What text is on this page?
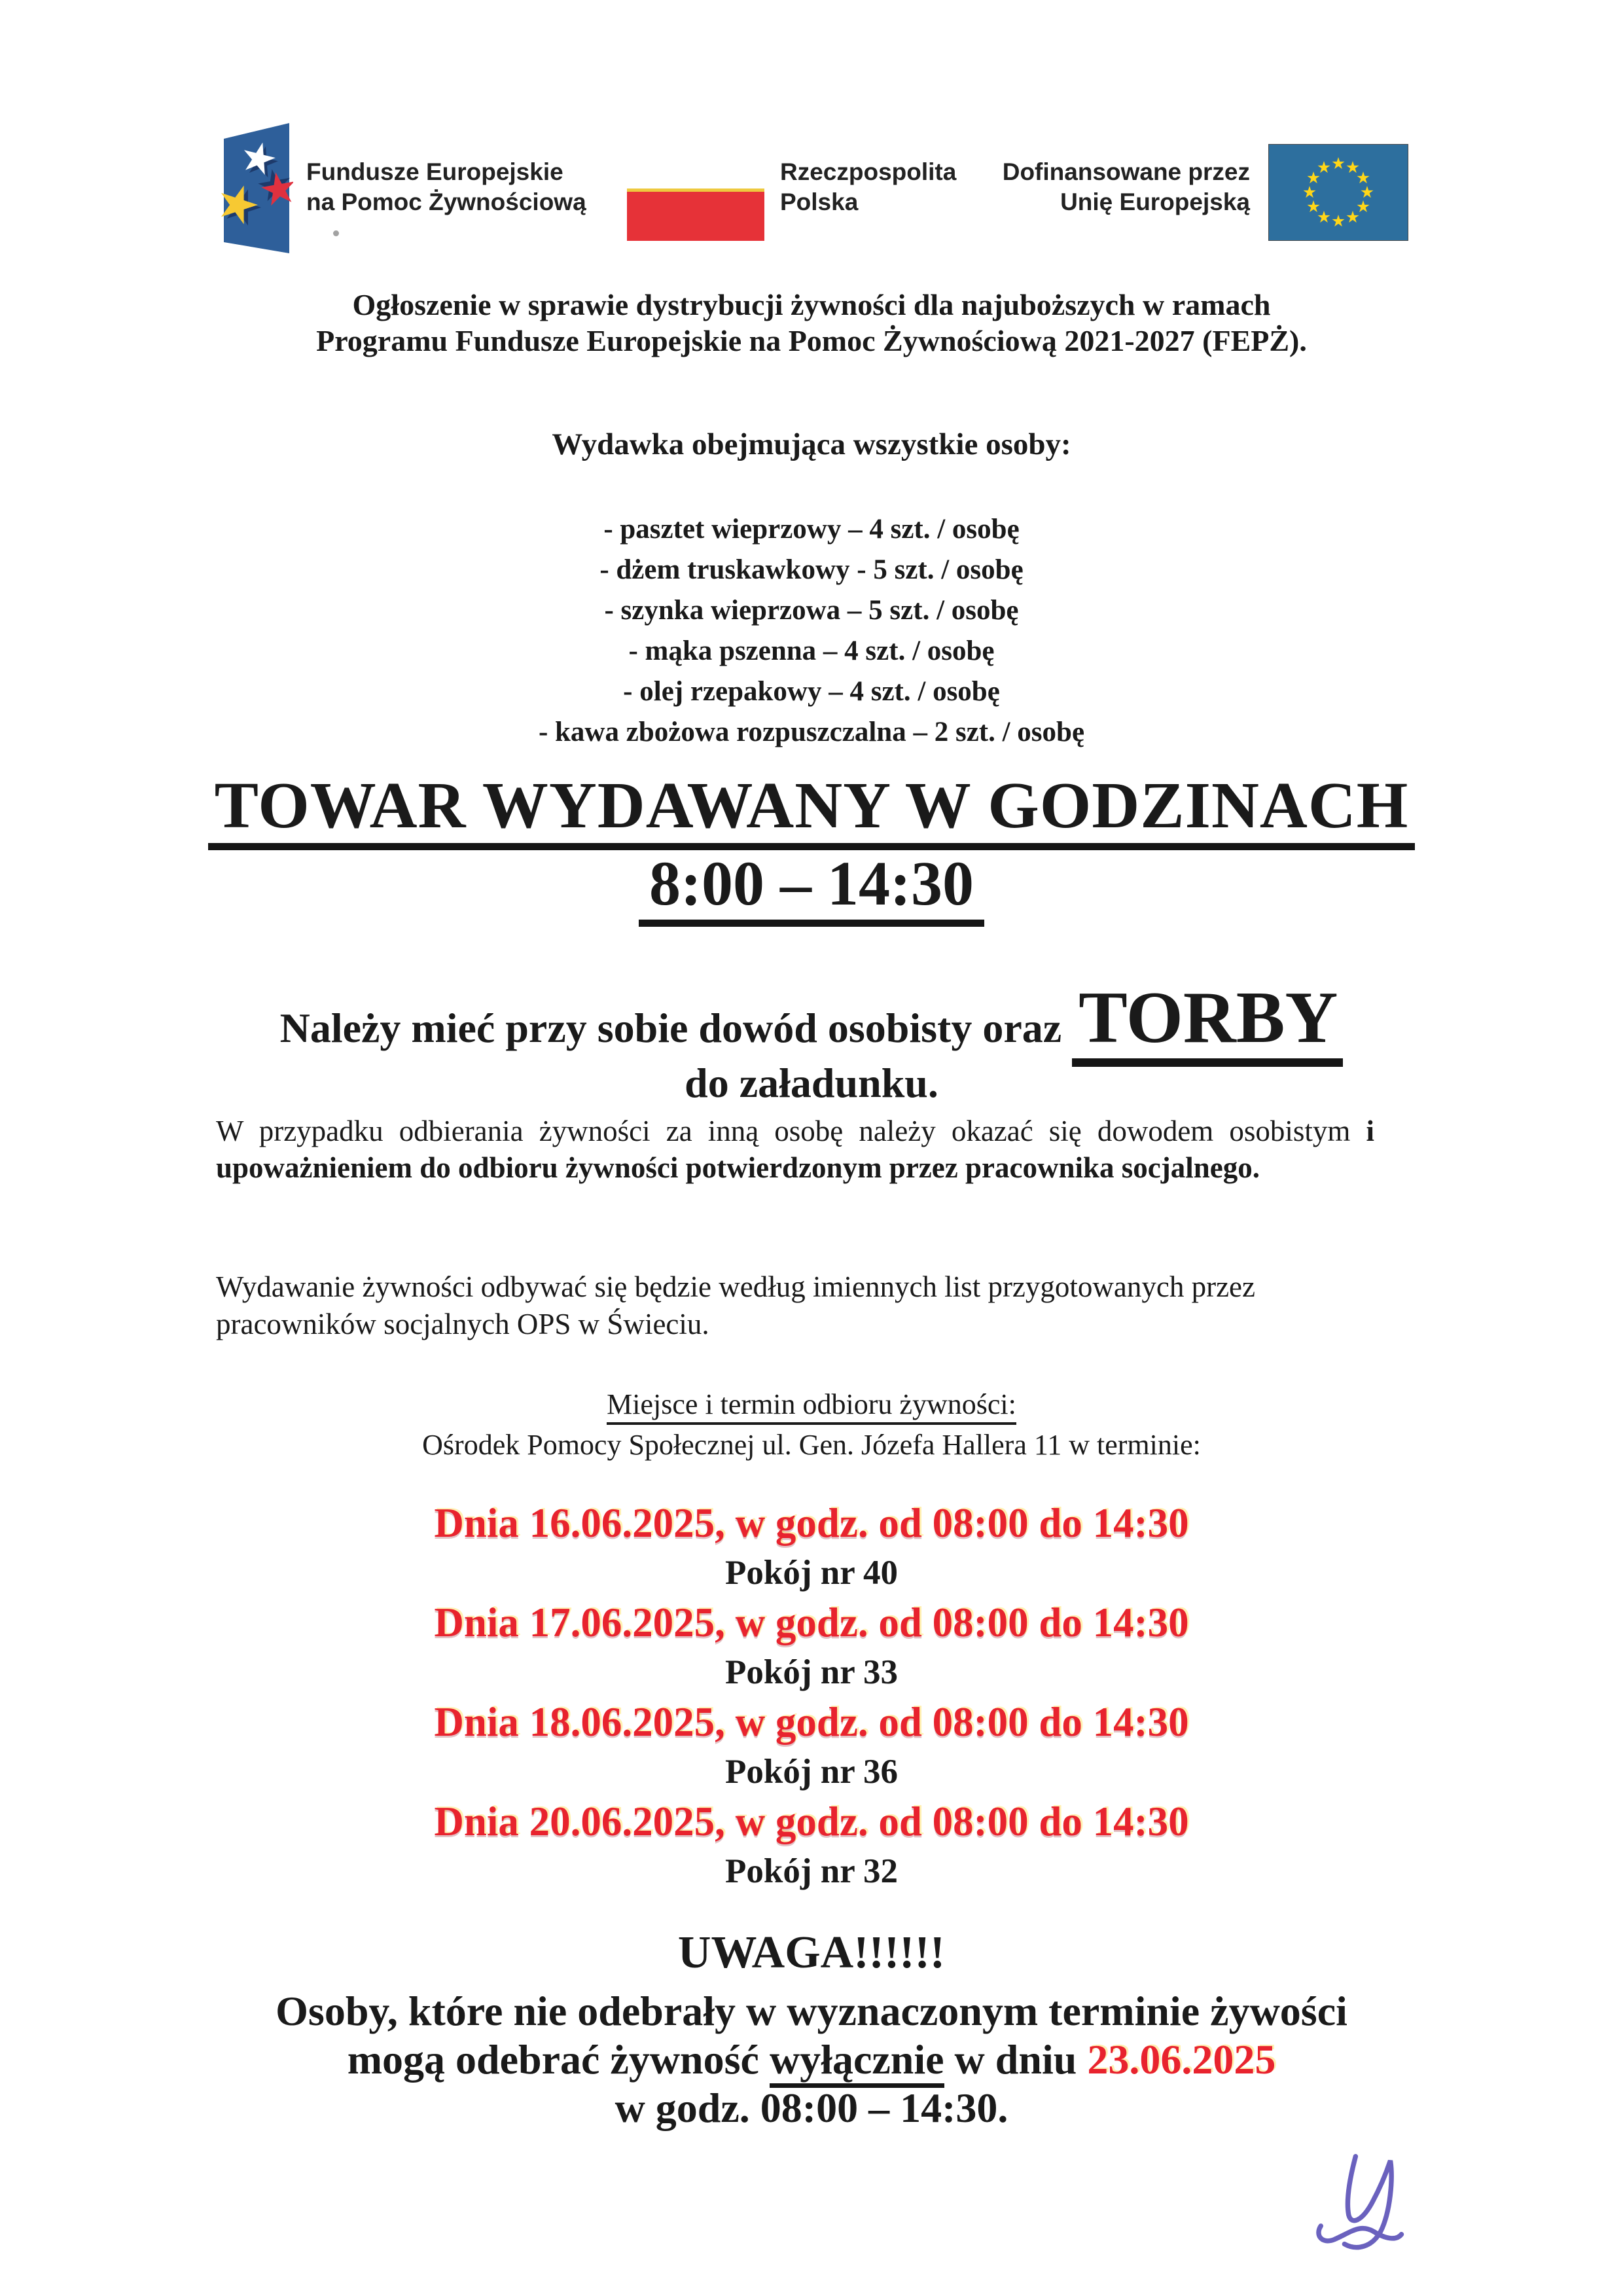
Fundusze Europejskie
na Pomoc Żywnościową
Rzeczpospolita
Polska
Dofinansowane przez
Unię Europejską
Ogłoszenie w sprawie dystrybucji żywności dla najuboższych w ramach
Programu Fundusze Europejskie na Pomoc Żywnościową 2021-2027 (FEPŻ).
Wydawka obejmująca wszystkie osoby:
- pasztet wieprzowy – 4 szt. / osobę
- dżem truskawkowy - 5 szt. / osobę
- szynka wieprzowa – 5 szt. / osobę
- mąka pszenna – 4 szt. / osobę
- olej rzepakowy – 4 szt. / osobę
- kawa zbożowa rozpuszczalna – 2 szt. / osobę
TOWAR WYDAWANY W GODZINACH
8:00 – 14:30
Należy mieć przy sobie dowód osobisty oraz TORBY
do załadunku.
W przypadku odbierania żywności za inną osobę należy okazać się dowodem osobistym i upoważnieniem do odbioru żywności potwierdzonym przez pracownika socjalnego.
Wydawanie żywności odbywać się będzie według imiennych list przygotowanych przez pracowników socjalnych OPS w Świeciu.
Miejsce i termin odbioru żywności:
Ośrodek Pomocy Społecznej ul. Gen. Józefa Hallera 11 w terminie:
Dnia 16.06.2025, w godz. od 08:00 do 14:30
Pokój nr 40
Dnia 17.06.2025, w godz. od 08:00 do 14:30
Pokój nr 33
Dnia 18.06.2025, w godz. od 08:00 do 14:30
Pokój nr 36
Dnia 20.06.2025, w godz. od 08:00 do 14:30
Pokój nr 32
UWAGA!!!!!!
Osoby, które nie odebrały w wyznaczonym terminie żywości
mogą odebrać żywność wyłącznie w dniu 23.06.2025
w godz. 08:00 – 14:30.
